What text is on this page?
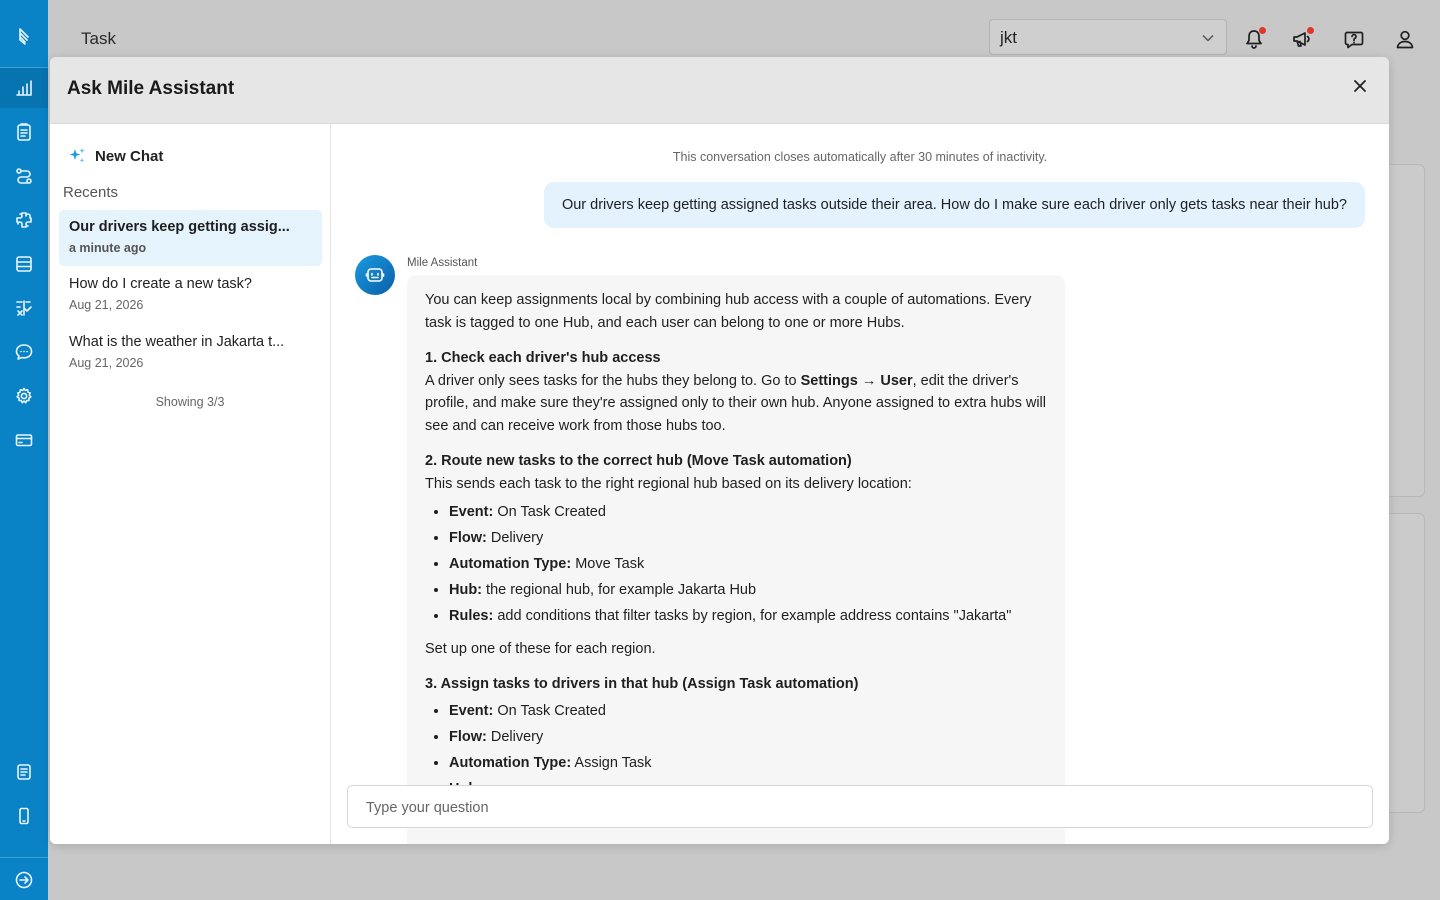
Task	jkt
Ask Mile Assistant
New Chat
Recents
Our drivers keep getting assig...
a minute ago
How do I create a new task?
Aug 21, 2026
What is the weather in Jakarta t...
Aug 21, 2026
Showing 3/3
This conversation closes automatically after 30 minutes of inactivity.
Our drivers keep getting assigned tasks outside their area. How do I make sure each driver only gets tasks near their hub?
Mile Assistant

You can keep assignments local by combining hub access with a couple of automations. Every task is tagged to one Hub, and each user can belong to one or more Hubs.

1. Check each driver's hub access

A driver only sees tasks for the hubs they belong to. Go to Settings → User, edit the driver's profile, and make sure they're assigned only to their own hub. Anyone assigned to extra hubs will see and can receive work from those hubs too.

2. Route new tasks to the correct hub (Move Task automation)

This sends each task to the right regional hub based on its delivery location:

• Event: On Task Created
• Flow: Delivery
• Automation Type: Move Task
• Hub: the regional hub, for example Jakarta Hub
• Rules: add conditions that filter tasks by region, for example address contains "Jakarta"

Set up one of these for each region.

3. Assign tasks to drivers in that hub (Assign Task automation)
• Event: On Task Created
• Flow: Delivery
• Automation Type: Assign Task
•
•
Type your question
